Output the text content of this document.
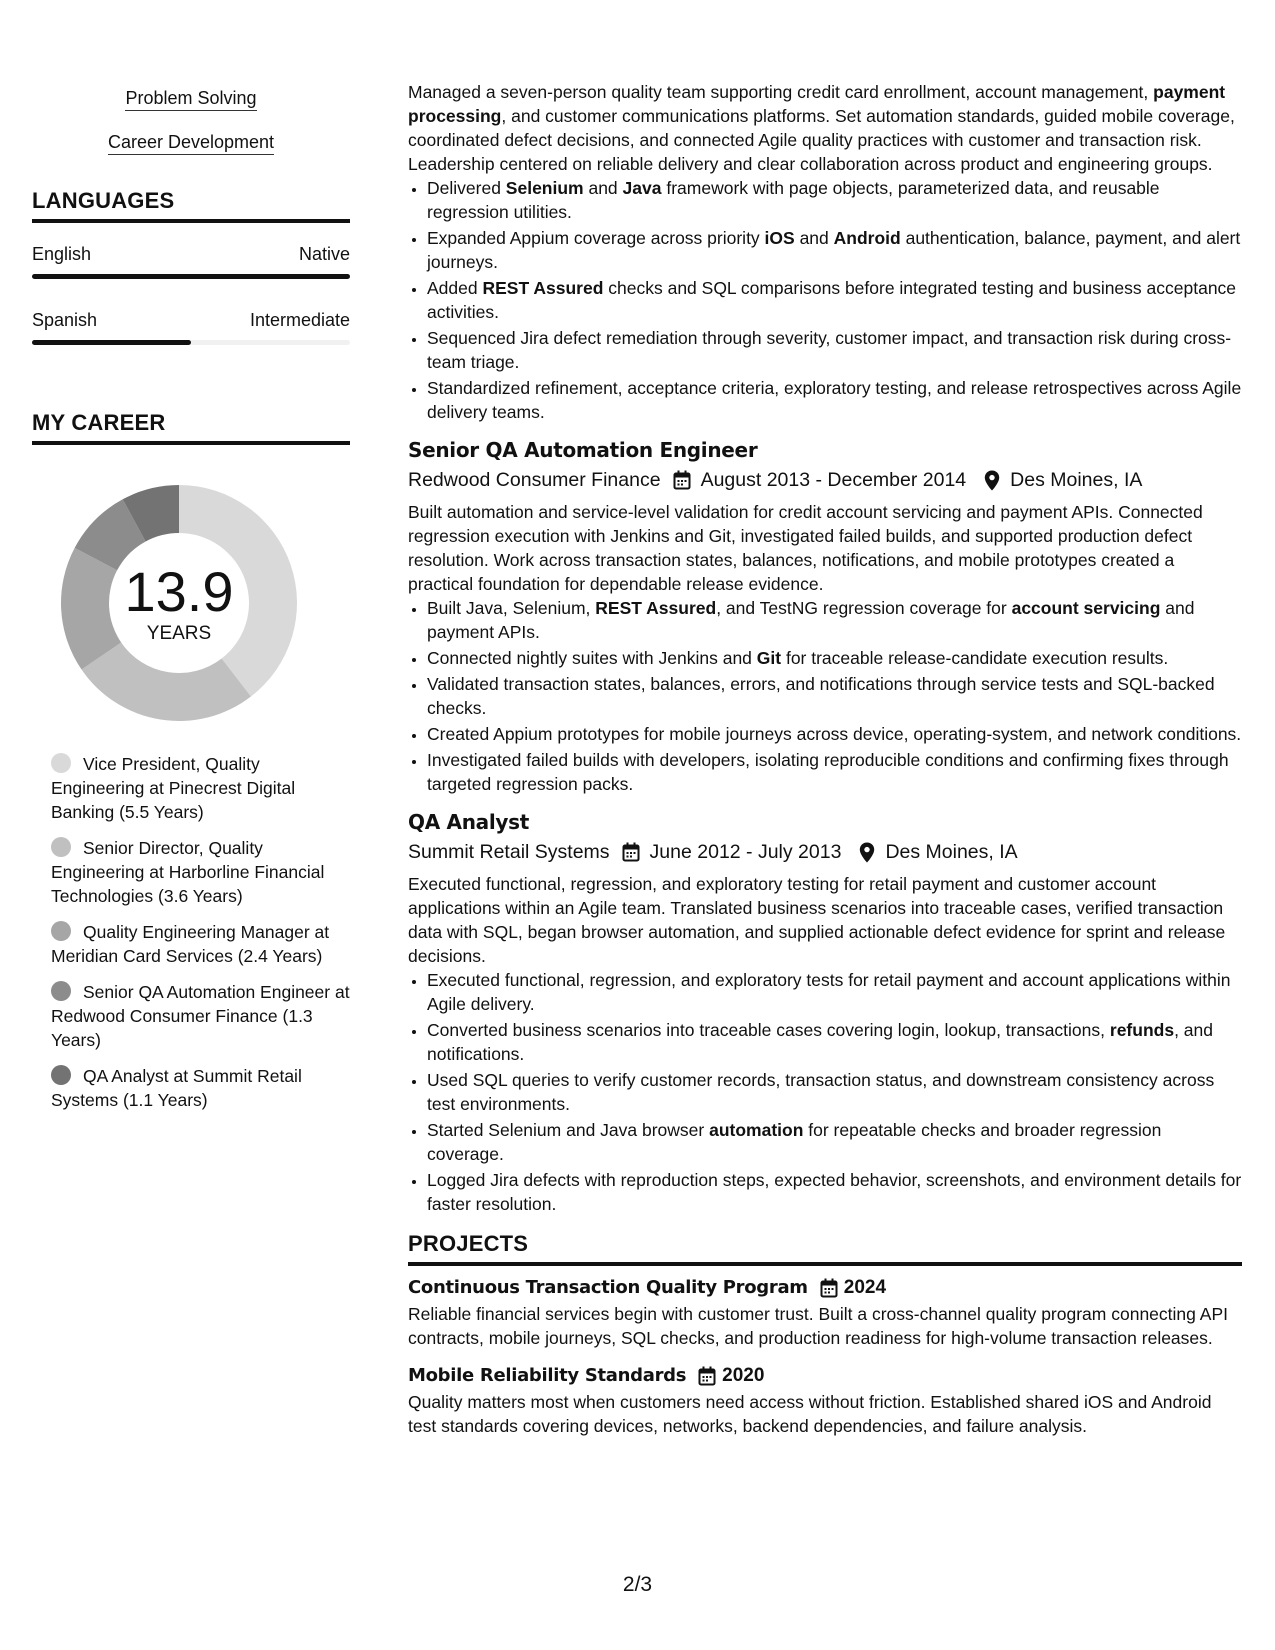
Problem Solving
Career Development
LANGUAGES
English	Native
Spanish	Intermediate
MY CAREER
13.9
YEARS
Vice President, Quality Engineering at Pinecrest Digital Banking (5.5 Years)
Senior Director, Quality Engineering at Harborline Financial Technologies (3.6 Years)
Quality Engineering Manager at Meridian Card Services (2.4 Years)
Senior QA Automation Engineer at Redwood Consumer Finance (1.3 Years)
QA Analyst at Summit Retail Systems (1.1 Years)
Managed a seven-person quality team supporting credit card enrollment, account management, payment processing, and customer communications platforms. Set automation standards, guided mobile coverage, coordinated defect decisions, and connected Agile quality practices with customer and transaction risk. Leadership centered on reliable delivery and clear collaboration across product and engineering groups.
• Delivered Selenium and Java framework with page objects, parameterized data, and reusable regression utilities.
• Expanded Appium coverage across priority iOS and Android authentication, balance, payment, and alert journeys.
• Added REST Assured checks and SQL comparisons before integrated testing and business acceptance activities.
• Sequenced Jira defect remediation through severity, customer impact, and transaction risk during cross-team triage.
• Standardized refinement, acceptance criteria, exploratory testing, and release retrospectives across Agile delivery teams.
Senior QA Automation Engineer
Redwood Consumer Finance August 2013 - December 2014 Des Moines, IA
Built automation and service-level validation for credit account servicing and payment APIs. Connected regression execution with Jenkins and Git, investigated failed builds, and supported production defect resolution. Work across transaction states, balances, notifications, and mobile prototypes created a practical foundation for dependable release evidence.
• Built Java, Selenium, REST Assured, and TestNG regression coverage for account servicing and payment APIs.
• Connected nightly suites with Jenkins and Git for traceable release-candidate execution results.
• Validated transaction states, balances, errors, and notifications through service tests and SQL-backed checks.
• Created Appium prototypes for mobile journeys across device, operating-system, and network conditions.
• Investigated failed builds with developers, isolating reproducible conditions and confirming fixes through targeted regression packs.
QA Analyst
Summit Retail Systems June 2012 - July 2013 Des Moines, IA
Executed functional, regression, and exploratory testing for retail payment and customer account applications within an Agile team. Translated business scenarios into traceable cases, verified transaction data with SQL, began browser automation, and supplied actionable defect evidence for sprint and release decisions.
• Executed functional, regression, and exploratory tests for retail payment and account applications within Agile delivery.
• Converted business scenarios into traceable cases covering login, lookup, transactions, refunds, and notifications.
• Used SQL queries to verify customer records, transaction status, and downstream consistency across test environments.
• Started Selenium and Java browser automation for repeatable checks and broader regression coverage.
• Logged Jira defects with reproduction steps, expected behavior, screenshots, and environment details for faster resolution.
PROJECTS
Continuous Transaction Quality Program 2024
Reliable financial services begin with customer trust. Built a cross-channel quality program connecting API contracts, mobile journeys, SQL checks, and production readiness for high-volume transaction releases.
Mobile Reliability Standards 2020
Quality matters most when customers need access without friction. Established shared iOS and Android test standards covering devices, networks, backend dependencies, and failure analysis.
2/3
